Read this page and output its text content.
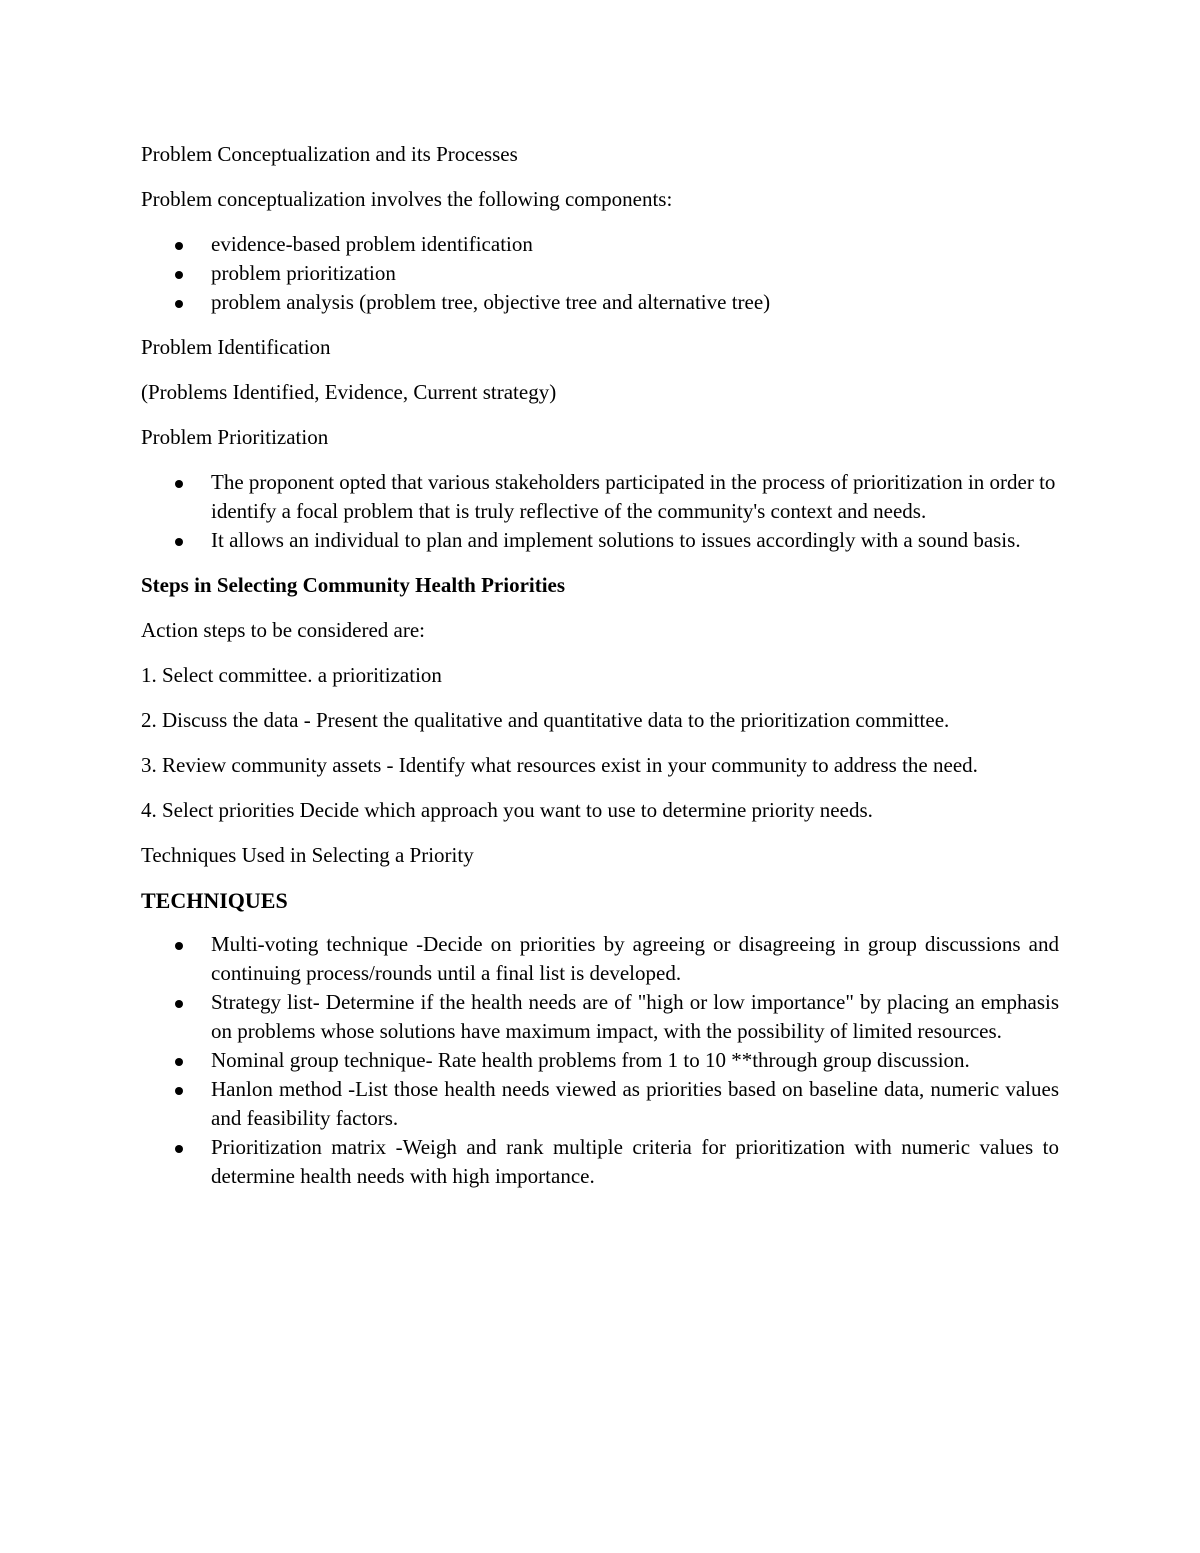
Problem Conceptualization and its Processes

Problem conceptualization involves the following components:

evidence-based problem identification
problem prioritization
problem analysis (problem tree, objective tree and alternative tree)

Problem Identification

(Problems Identified, Evidence, Current strategy)

Problem Prioritization

The proponent opted that various stakeholders participated in the process of prioritization in order to identify a focal problem that is truly reflective of the community's context and needs.
It allows an individual to plan and implement solutions to issues accordingly with a sound basis.

Steps in Selecting Community Health Priorities

Action steps to be considered are:

1. Select committee. a prioritization

2. Discuss the data - Present the qualitative and quantitative data to the prioritization committee.

3. Review community assets - Identify what resources exist in your community to address the need.

4. Select priorities Decide which approach you want to use to determine priority needs.

Techniques Used in Selecting a Priority

TECHNIQUES

Multi-voting technique -Decide on priorities by agreeing or disagreeing in group discussions and continuing process/rounds until a final list is developed.
Strategy list- Determine if the health needs are of "high or low importance" by placing an emphasis on problems whose solutions have maximum impact, with the possibility of limited resources.
Nominal group technique- Rate health problems from 1 to 10 **through group discussion.
Hanlon method -List those health needs viewed as priorities based on baseline data, numeric values and feasibility factors.
Prioritization matrix -Weigh and rank multiple criteria for prioritization with numeric values to determine health needs with high importance.
